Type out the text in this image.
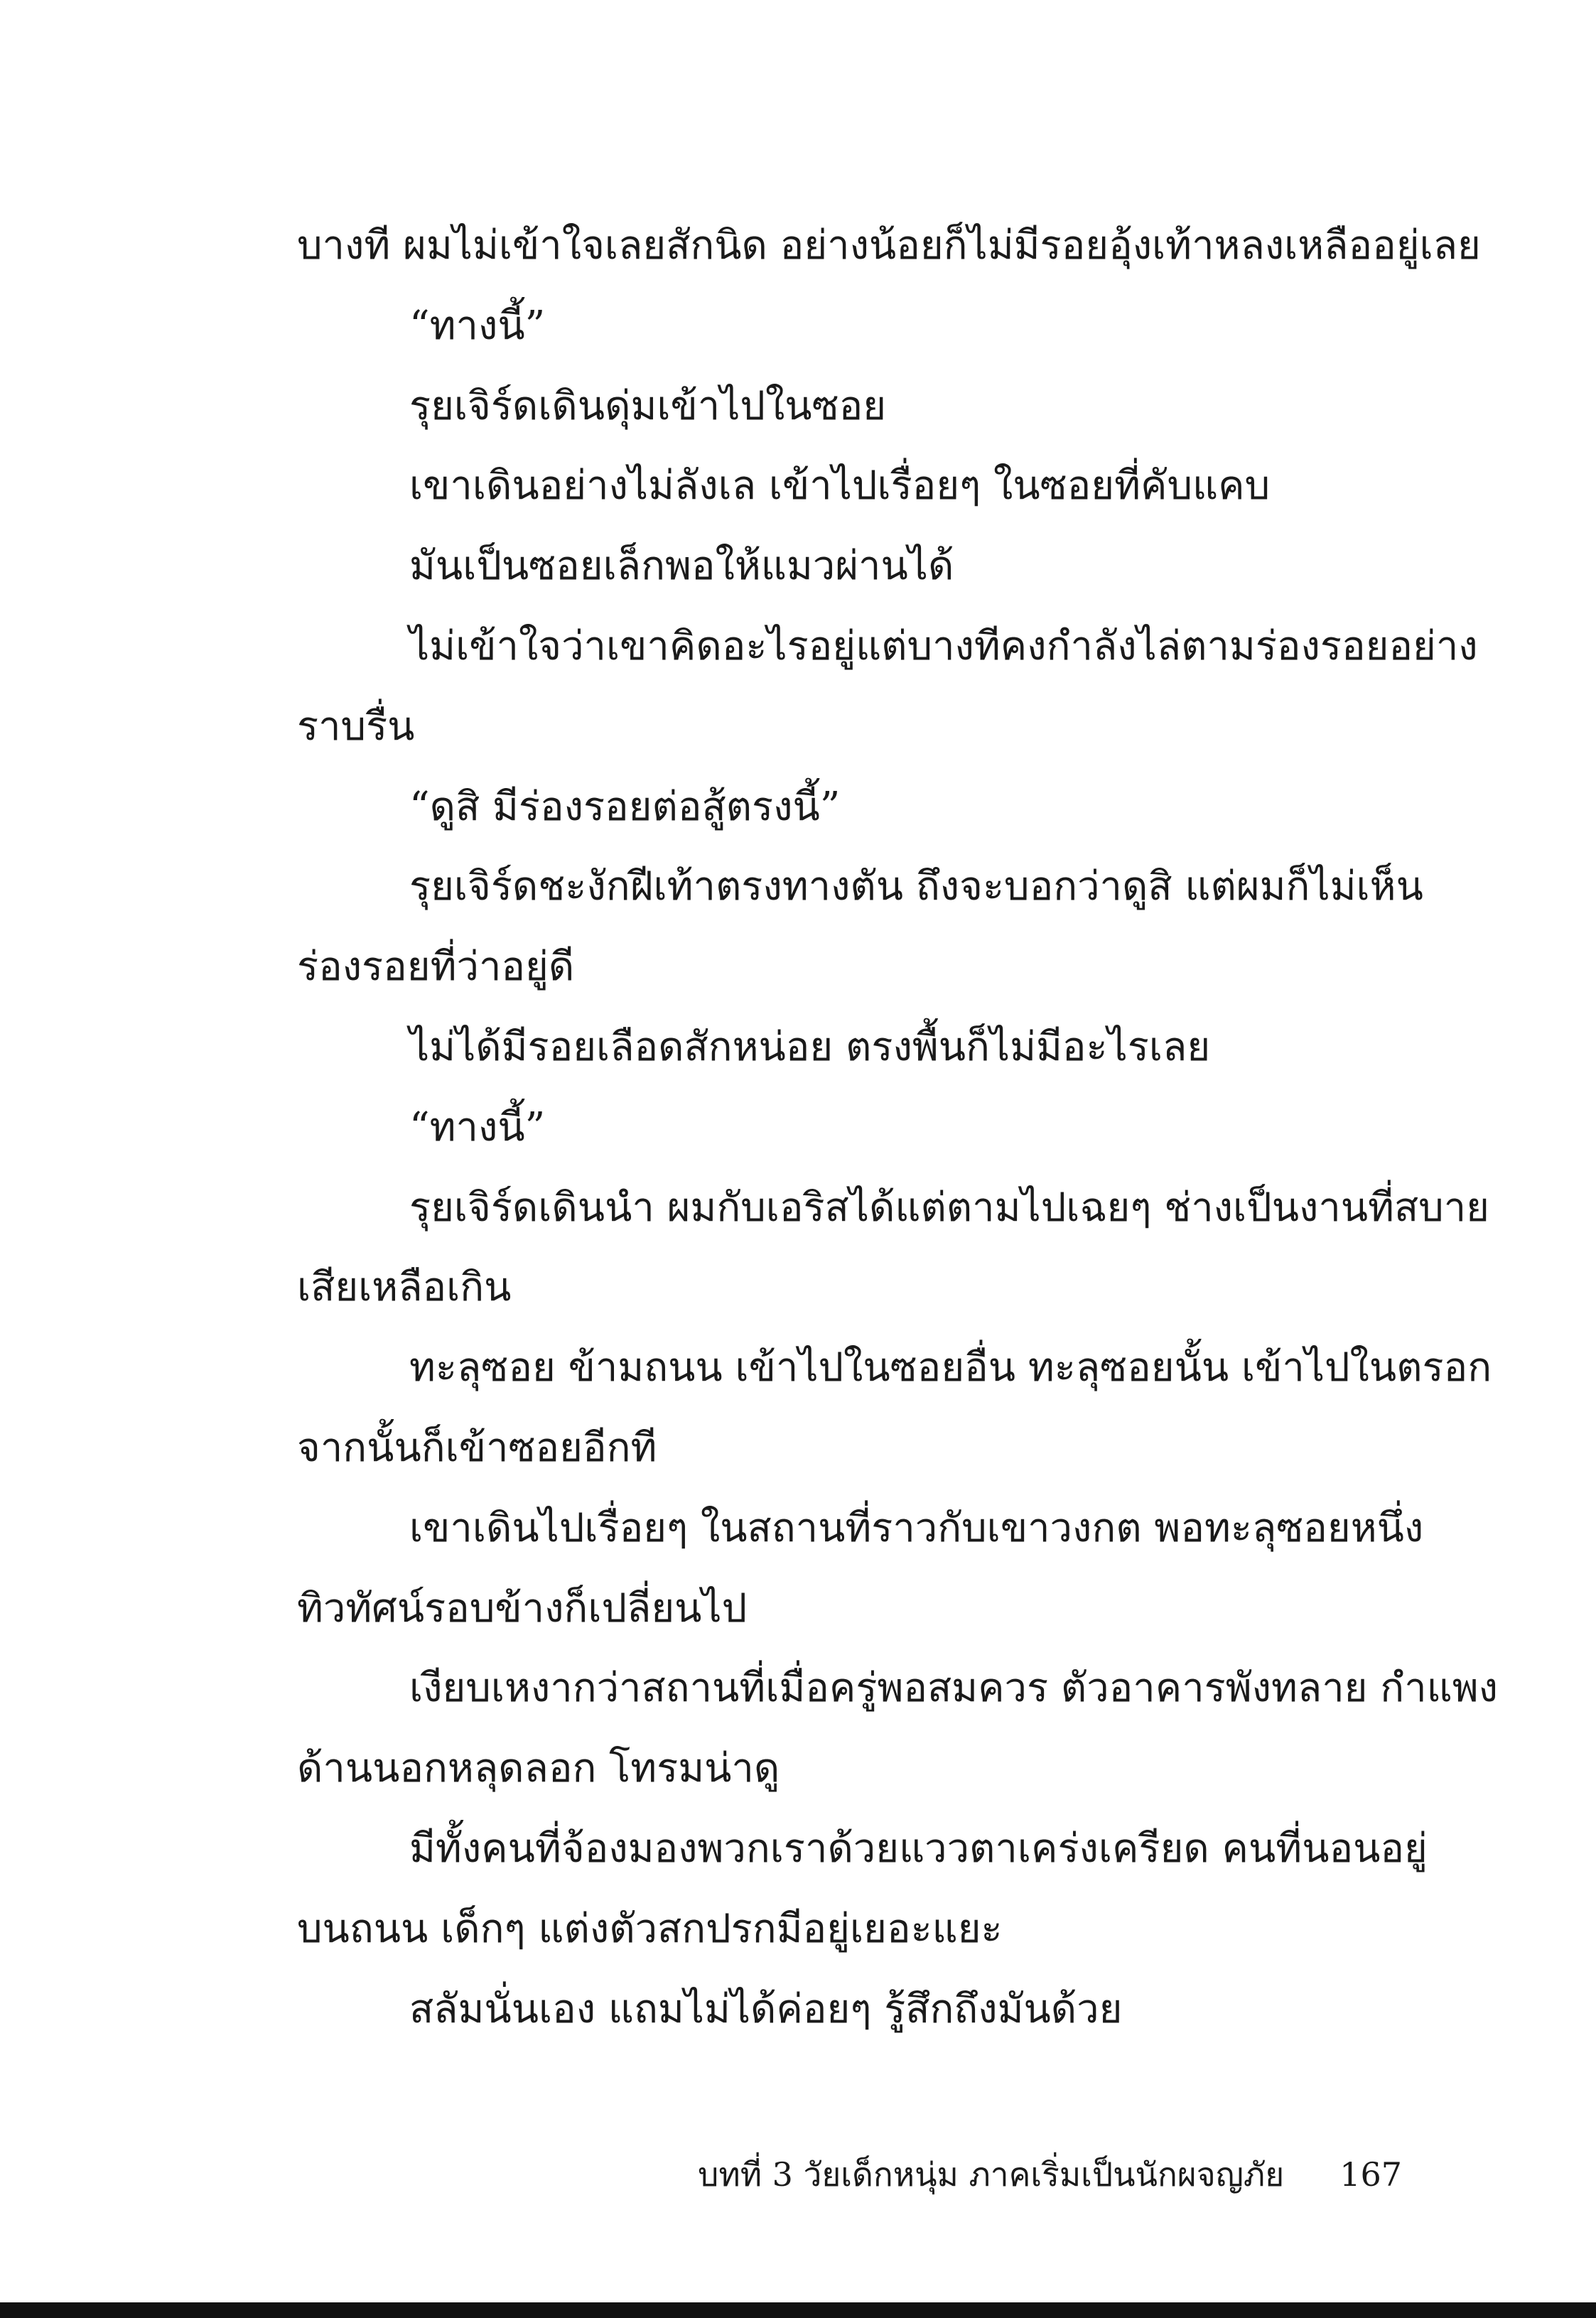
บางที ผมไม่เข้าใจเลยสักนิด อย่างน้อยก็ไม่มีรอยอุ้งเท้าหลงเหลืออยู่เลย
“ทางนี้”
รุยเจิร์ดเดินดุ่มเข้าไปในซอย
เขาเดินอย่างไม่ลังเล เข้าไปเรื่อยๆ ในซอยที่คับแคบ
มันเป็นซอยเล็กพอให้แมวผ่านได้
ไม่เข้าใจว่าเขาคิดอะไรอยู่แต่บางทีคงกำลังไล่ตามร่องรอยอย่าง
ราบรื่น
“ดูสิ มีร่องรอยต่อสู้ตรงนี้”
รุยเจิร์ดชะงักฝีเท้าตรงทางตัน ถึงจะบอกว่าดูสิ แต่ผมก็ไม่เห็น
ร่องรอยที่ว่าอยู่ดี
ไม่ได้มีรอยเลือดสักหน่อย ตรงพื้นก็ไม่มีอะไรเลย
“ทางนี้”
รุยเจิร์ดเดินนำ ผมกับเอริสได้แต่ตามไปเฉยๆ ช่างเป็นงานที่สบาย
เสียเหลือเกิน
ทะลุซอย ข้ามถนน เข้าไปในซอยอื่น ทะลุซอยนั้น เข้าไปในตรอก
จากนั้นก็เข้าซอยอีกที
เขาเดินไปเรื่อยๆ ในสถานที่ราวกับเขาวงกต พอทะลุซอยหนึ่ง
ทิวทัศน์รอบข้างก็เปลี่ยนไป
เงียบเหงากว่าสถานที่เมื่อครู่พอสมควร ตัวอาคารพังทลาย กำแพง
ด้านนอกหลุดลอก โทรมน่าดู
มีทั้งคนที่จ้องมองพวกเราด้วยแววตาเคร่งเครียด คนที่นอนอยู่
บนถนน เด็กๆ แต่งตัวสกปรกมีอยู่เยอะแยะ
สลัมนั่นเอง แถมไม่ได้ค่อยๆ รู้สึกถึงมันด้วย
บทที่ 3 วัยเด็กหนุ่ม ภาคเริ่มเป็นนักผจญภัย 167
